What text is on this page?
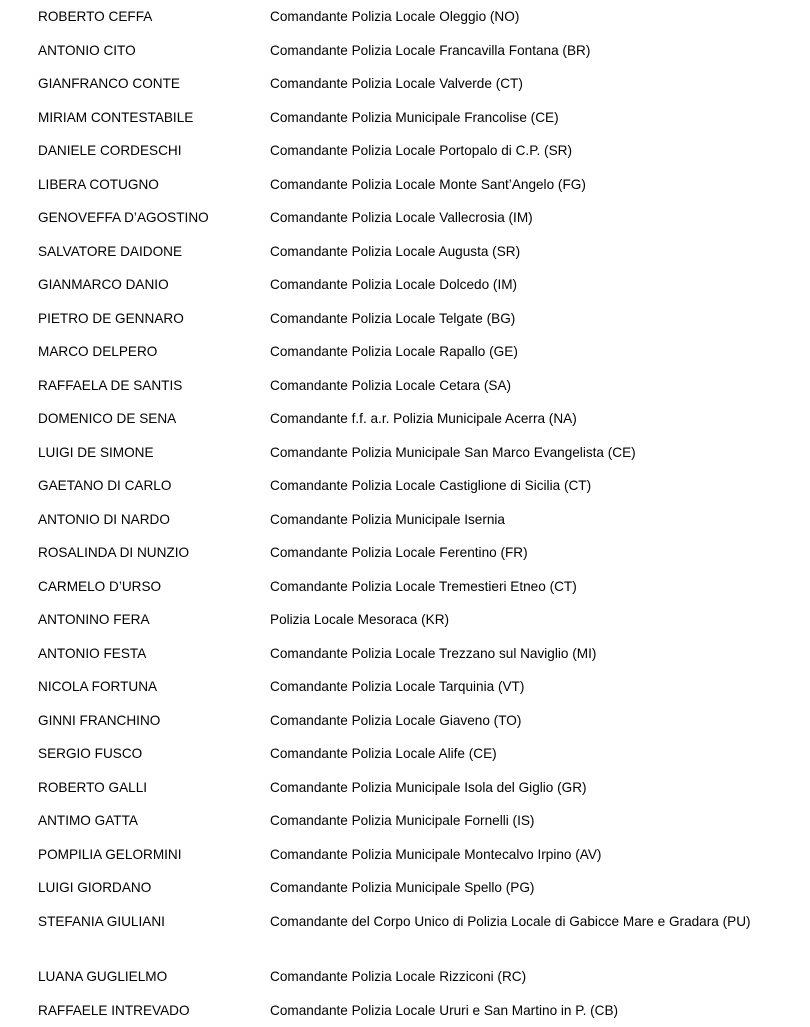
ROBERTO CEFFA	Comandante Polizia Locale Oleggio (NO)
ANTONIO CITO	Comandante Polizia Locale Francavilla Fontana (BR)
GIANFRANCO CONTE	Comandante Polizia Locale Valverde (CT)
MIRIAM CONTESTABILE	Comandante Polizia Municipale Francolise (CE)
DANIELE CORDESCHI	Comandante Polizia Locale Portopalo di C.P. (SR)
LIBERA COTUGNO	Comandante Polizia Locale Monte Sant’Angelo (FG)
GENOVEFFA D’AGOSTINO	Comandante Polizia Locale Vallecrosia (IM)
SALVATORE DAIDONE	Comandante Polizia Locale Augusta (SR)
GIANMARCO DANIO	Comandante Polizia Locale Dolcedo (IM)
PIETRO DE GENNARO	Comandante Polizia Locale Telgate (BG)
MARCO DELPERO	Comandante Polizia Locale Rapallo (GE)
RAFFAELA DE SANTIS	Comandante Polizia Locale Cetara (SA)
DOMENICO DE SENA	Comandante f.f. a.r. Polizia Municipale Acerra (NA)
LUIGI DE SIMONE	Comandante Polizia Municipale San Marco Evangelista (CE)
GAETANO DI CARLO	Comandante Polizia Locale Castiglione di Sicilia (CT)
ANTONIO DI NARDO	Comandante Polizia Municipale Isernia
ROSALINDA DI NUNZIO	Comandante Polizia Locale Ferentino (FR)
CARMELO D’URSO	Comandante Polizia Locale Tremestieri Etneo (CT)
ANTONINO FERA	Polizia Locale Mesoraca (KR)
ANTONIO FESTA	Comandante Polizia Locale Trezzano sul Naviglio (MI)
NICOLA FORTUNA	Comandante Polizia Locale Tarquinia (VT)
GINNI FRANCHINO	Comandante Polizia Locale Giaveno (TO)
SERGIO FUSCO	Comandante Polizia Locale Alife (CE)
ROBERTO GALLI	Comandante Polizia Municipale Isola del Giglio (GR)
ANTIMO GATTA	Comandante Polizia Municipale Fornelli (IS)
POMPILIA GELORMINI	Comandante Polizia Municipale Montecalvo Irpino (AV)
LUIGI GIORDANO	Comandante Polizia Municipale Spello (PG)
STEFANIA GIULIANI	Comandante del Corpo Unico di Polizia Locale di Gabicce Mare e Gradara (PU)
LUANA GUGLIELMO	Comandante Polizia Locale Rizziconi (RC)
RAFFAELE INTREVADO	Comandante Polizia Locale Ururi e San Martino in P. (CB)
